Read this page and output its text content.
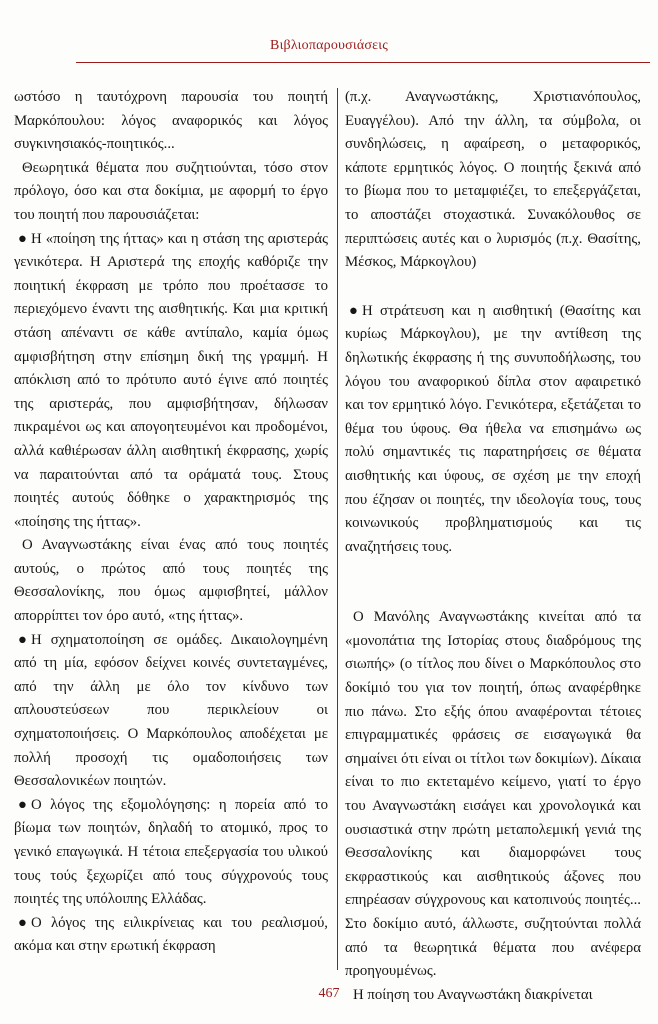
Βιβλιοπαρουσιάσεις

ωστόσο η ταυτόχρονη παρουσία του ποιητή Μαρκόπουλου: λόγος αναφορικός και λόγος συγκινησιακός-ποιητικός...

Θεωρητικά θέματα που συζητιούνται, τόσο στον πρόλογο, όσο και στα δοκίμια, με αφορμή το έργο του ποιητή που παρουσιάζεται:

● Η «ποίηση της ήττας» και η στάση της αριστεράς γενικότερα. Η Αριστερά της εποχής καθόριζε την ποιητική έκφραση με τρόπο που προέτασσε το περιεχόμενο έναντι της αισθητικής. Και μια κριτική στάση απέναντι σε κάθε αντίπαλο, καμία όμως αμφισβήτηση στην επίσημη δική της γραμμή. Η απόκλιση από το πρότυπο αυτό έγινε από ποιητές της αριστεράς, που αμφισβήτησαν, δήλωσαν πικραμένοι ως και απογοητευμένοι και προδομένοι, αλλά καθιέρωσαν άλλη αισθητική έκφρασης, χωρίς να παραιτούνται από τα οράματά τους. Στους ποιητές αυτούς δόθηκε ο χαρακτηρισμός της «ποίησης της ήττας».

Ο Αναγνωστάκης είναι ένας από τους ποιητές αυτούς, ο πρώτος από τους ποιητές της Θεσσαλονίκης, που όμως αμφισβητεί, μάλλον απορρίπτει τον όρο αυτό, «της ήττας».

● Η σχηματοποίηση σε ομάδες. Δικαιολογημένη από τη μία, εφόσον δείχνει κοινές συντεταγμένες, από την άλλη με όλο τον κίνδυνο των απλουστεύσεων που περικλείουν οι σχηματοποιήσεις. Ο Μαρκόπουλος αποδέχεται με πολλή προσοχή τις ομαδοποιήσεις των Θεσσαλονικέων ποιητών.

● Ο λόγος της εξομολόγησης: η πορεία από το βίωμα των ποιητών, δηλαδή το ατομικό, προς το γενικό επαγωγικά. Η τέτοια επεξεργασία του υλικού τους τούς ξεχωρίζει από τους σύγχρονούς τους ποιητές της υπόλοιπης Ελλάδας.

● Ο λόγος της ειλικρίνειας και του ρεαλισμού, ακόμα και στην ερωτική έκφραση

(π.χ. Αναγνωστάκης, Χριστιανόπουλος, Ευαγγέλου). Από την άλλη, τα σύμβολα, οι συνδηλώσεις, η αφαίρεση, ο μεταφορικός, κάποτε ερμητικός λόγος. Ο ποιητής ξεκινά από το βίωμα που το μεταμφιέζει, το επεξεργάζεται, το αποστάζει στοχαστικά. Συνακόλουθος σε περιπτώσεις αυτές και ο λυρισμός (π.χ. Θασίτης, Μέσκος, Μάρκογλου)

● Η στράτευση και η αισθητική (Θασίτης και κυρίως Μάρκογλου), με την αντίθεση της δηλωτικής έκφρασης ή της συνυποδήλωσης, του λόγου του αναφορικού δίπλα στον αφαιρετικό και τον ερμητικό λόγο. Γενικότερα, εξετάζεται το θέμα του ύφους. Θα ήθελα να επισημάνω ως πολύ σημαντικές τις παρατηρήσεις σε θέματα αισθητικής και ύφους, σε σχέση με την εποχή που έζησαν οι ποιητές, την ιδεολογία τους, τους κοινωνικούς προβληματισμούς και τις αναζητήσεις τους.

Ο Μανόλης Αναγνωστάκης κινείται από τα «μονοπάτια της Ιστορίας στους διαδρόμους της σιωπής» (ο τίτλος που δίνει ο Μαρκόπουλος στο δοκίμιό του για τον ποιητή, όπως αναφέρθηκε πιο πάνω. Στο εξής όπου αναφέρονται τέτοιες επιγραμματικές φράσεις σε εισαγωγικά θα σημαίνει ότι είναι οι τίτλοι των δοκιμίων). Δίκαια είναι το πιο εκτεταμένο κείμενο, γιατί το έργο του Αναγνωστάκη εισάγει και χρονολογικά και ουσιαστικά στην πρώτη μεταπολεμική γενιά της Θεσσαλονίκης και διαμορφώνει τους εκφραστικούς και αισθητικούς άξονες που επηρέασαν σύγχρονους και κατοπινούς ποιητές... Στο δοκίμιο αυτό, άλλωστε, συζητούνται πολλά από τα θεωρητικά θέματα που ανέφερα προηγουμένως.

Η ποίηση του Αναγνωστάκη διακρίνεται

467
